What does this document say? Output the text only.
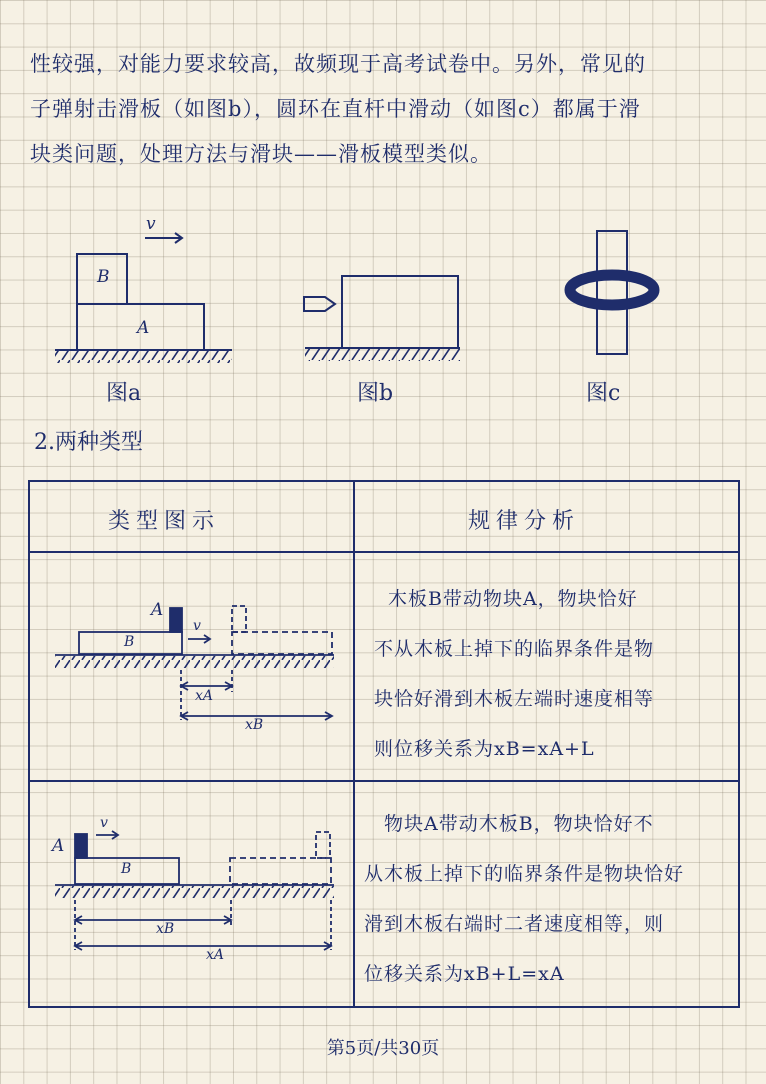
性较强，对能力要求较高，故频现于高考试卷中。另外，常见的
子弹射击滑板（如图b），圆环在直杆中滑动（如图c）都属于滑
块类问题，处理方法与滑块——滑板模型类似。
B
A
v
图a	图b	图c
2.两种类型
类型图示	规律分析
A
B
v
xA
xB
木板B带动物块A，物块恰好
不从木板上掉下的临界条件是物
块恰好滑到木板左端时速度相等
则位移关系为xB=xA+L
A
B
v
xB
xA
物块A带动木板B，物块恰好不
从木板上掉下的临界条件是物块恰好
滑到木板右端时二者速度相等，则
位移关系为xB+L=xA
第5页/共30页
